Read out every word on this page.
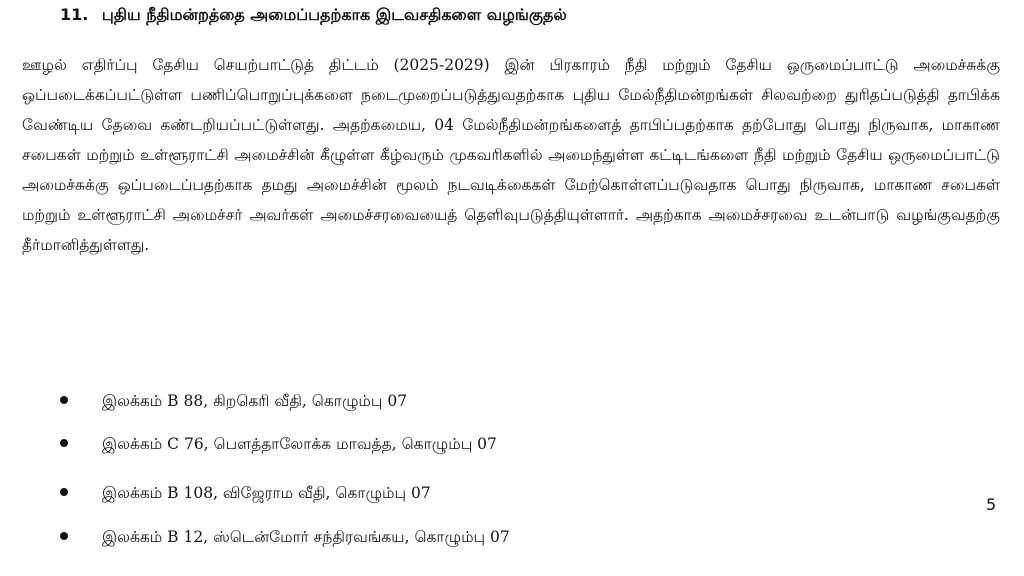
11. புதிய நீதிமன்றத்தை அமைப்பதற்காக இடவசதிகளை வழங்குதல்

ஊழல் எதிர்ப்பு தேசிய செயற்பாட்டுத் திட்டம் (2025-2029) இன் பிரகாரம் நீதி மற்றும் தேசிய ஒருமைப்பாட்டு அமைச்சுக்கு ஒப்படைக்கப்பட்டுள்ள பணிப்பொறுப்புக்களை நடைமுறைப்படுத்துவதற்காக புதிய மேல்நீதிமன்றங்கள் சிலவற்றை துரிதப்படுத்தி தாபிக்க வேண்டிய தேவை கண்டறியப்பட்டுள்ளது. அதற்கமைய, 04 மேல்நீதிமன்றங்களைத் தாபிப்பதற்காக தற்போது பொது நிருவாக, மாகாண சபைகள் மற்றும் உள்ளூராட்சி அமைச்சின் கீழுள்ள கீழ்வரும் முகவரிகளில் அமைந்துள்ள கட்டிடங்களை நீதி மற்றும் தேசிய ஒருமைப்பாட்டு அமைச்சுக்கு ஒப்படைப்பதற்காக தமது அமைச்சின் மூலம் நடவடிக்கைகள் மேற்கொள்ளப்படுவதாக பொது நிருவாக, மாகாண சபைகள் மற்றும் உள்ளூராட்சி அமைச்சர் அவர்கள் அமைச்சரவையைத் தெளிவுபடுத்தியுள்ளார். அதற்காக அமைச்சரவை உடன்பாடு வழங்குவதற்கு தீர்மானித்துள்ளது.

இலக்கம் B 88, கிறகெரி வீதி, கொழும்பு 07
இலக்கம் C 76, பௌத்தாலோக்க மாவத்த, கொழும்பு 07
இலக்கம் B 108, விஜேராம வீதி, கொழும்பு 07
இலக்கம் B 12, ஸ்டென்மோர் சந்திரவங்கய, கொழும்பு 07
5
